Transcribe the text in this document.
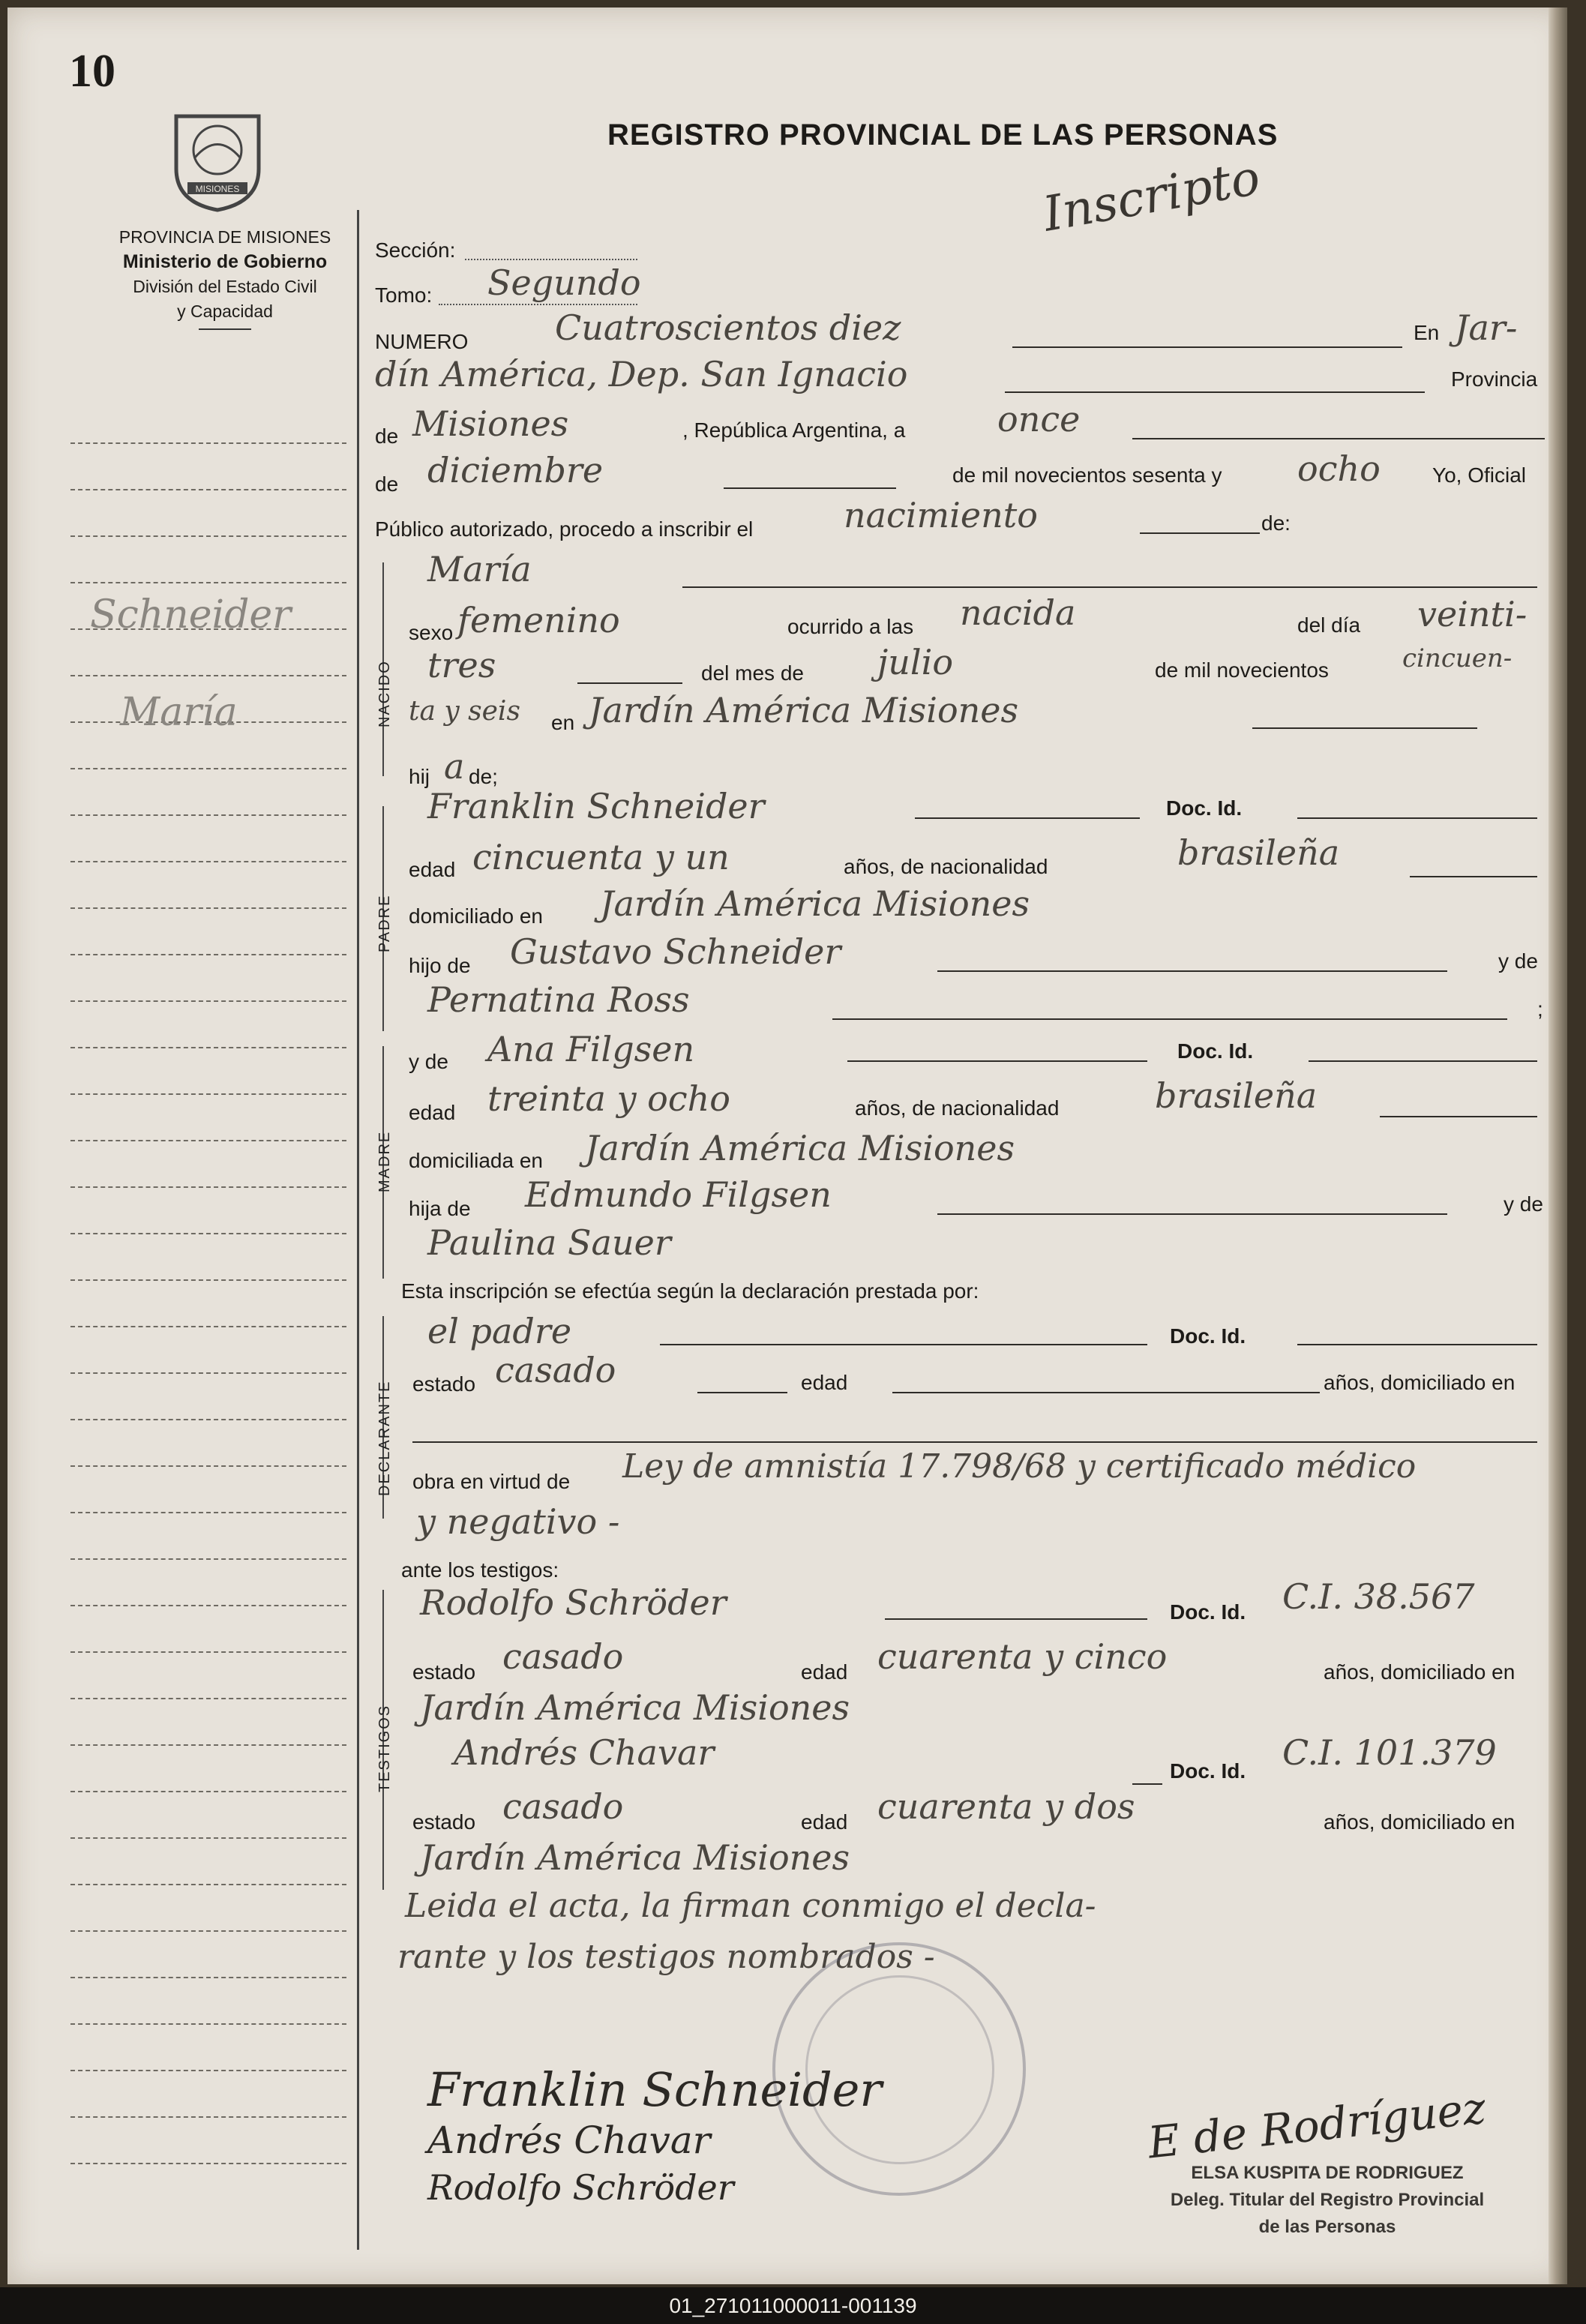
10
MISIONES
PROVINCIA DE MISIONES
Ministerio de Gobierno
División del Estado Civil
y Capacidad
REGISTRO PROVINCIAL DE LAS PERSONAS
Inscripto
Schneider
María
Sección:
Tomo: Segundo
NUMERO	Cuatroscientos diez	En Jar-
dín América, Dep. San Ignacio	Provincia
de Misiones	, República Argentina, a	once
de diciembre	de mil novecientos sesenta y ocho Yo, Oficial
Público autorizado, procedo a inscribir el	nacimiento	de:
NACIDO
María
sexo femenino	ocurrido a las nacida	del día veinti-
tres	del mes de julio	de mil novecientos	cincuen-
ta y seis en Jardín América Misiones
hij a de;
PADRE
Franklin Schneider	Doc. Id.
edad cincuenta y un	años, de nacionalidad	brasileña
domiciliado en Jardín América Misiones
hijo de Gustavo Schneider	y de
Pernatina Ross	;
MADRE
y de Ana Filgsen	Doc. Id.
edad treinta y ocho	años, de nacionalidad	brasileña
domiciliada en Jardín América Misiones
hija de Edmundo Filgsen	y de
Paulina Sauer
Esta inscripción se efectúa según la declaración prestada por:
DECLARANTE
el padre	Doc. Id.
estado casado	edad	años, domiciliado en
obra en virtud de Ley de amnistía 17.798/68 y certificado médico
y negativo -
ante los testigos:
TESTIGOS
Rodolfo Schröder	Doc. Id. C.I. 38.567
estado casado	edad cuarenta y cinco	años, domiciliado en
Jardín América Misiones
Andrés Chavar	Doc. Id. C.I. 101.379
estado casado	edad cuarenta y dos	años, domiciliado en
Jardín América Misiones
Leida el acta, la firman conmigo el decla-
rante y los testigos nombrados -
Franklin Schneider
Andrés Chavar
Rodolfo Schröder
E de Rodríguez
ELSA KUSPITA DE RODRIGUEZ
Deleg. Titular del Registro Provincial
de las Personas
01_271011000011-001139
